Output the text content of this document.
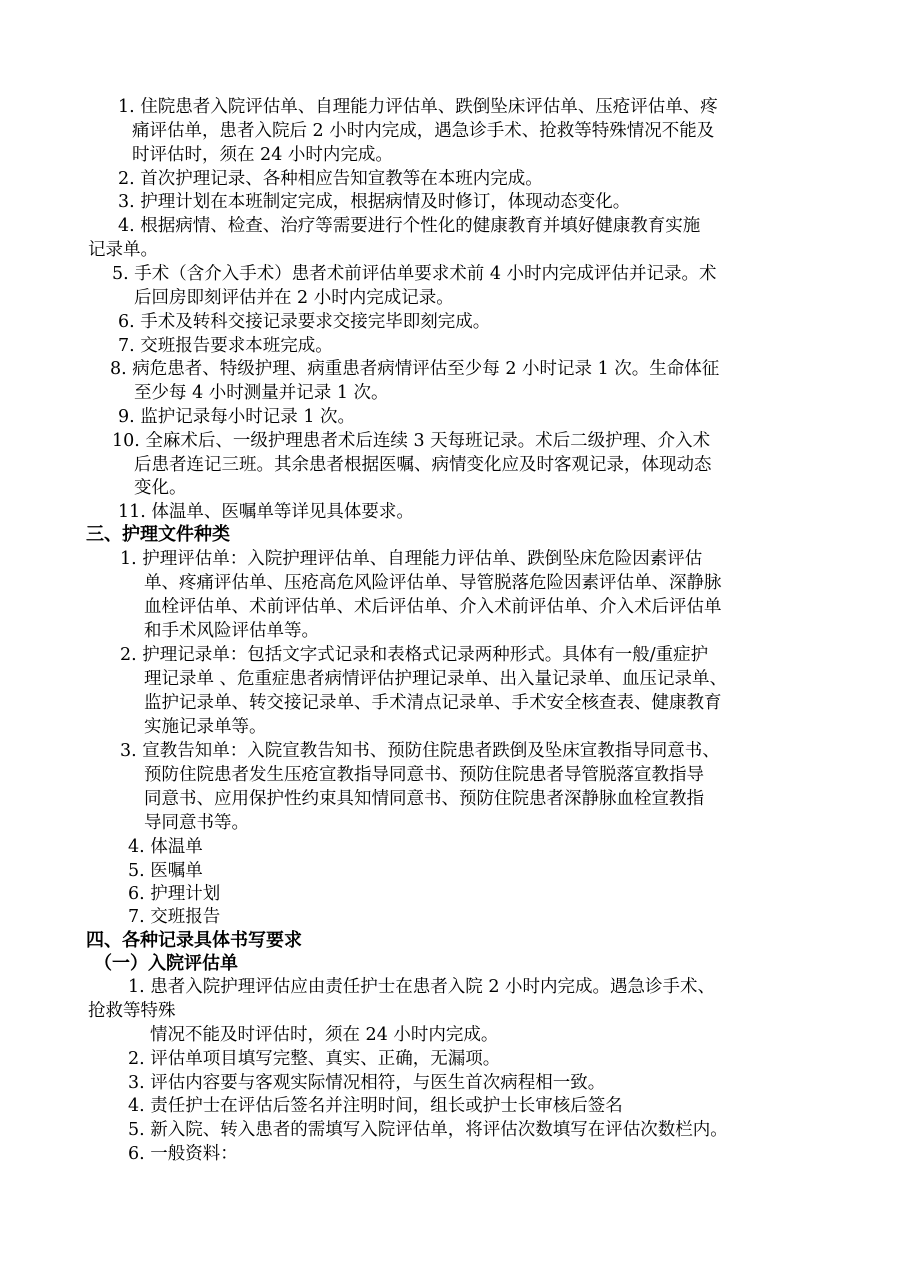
1. 住院患者入院评估单、自理能力评估单、跌倒坠床评估单、压疮评估单、疼
痛评估单，患者入院后 2 小时内完成，遇急诊手术、抢救等特殊情况不能及
时评估时，须在 24 小时内完成。
2. 首次护理记录、各种相应告知宣教等在本班内完成。
3. 护理计划在本班制定完成，根据病情及时修订，体现动态变化。
4. 根据病情、检查、治疗等需要进行个性化的健康教育并填好健康教育实施
记录单。
5. 手术（含介入手术）患者术前评估单要求术前 4 小时内完成评估并记录。术
后回房即刻评估并在 2 小时内完成记录。
6. 手术及转科交接记录要求交接完毕即刻完成。
7. 交班报告要求本班完成。
8. 病危患者、特级护理、病重患者病情评估至少每 2 小时记录 1 次。生命体征
至少每 4 小时测量并记录 1 次。
9. 监护记录每小时记录 1 次。
10. 全麻术后、一级护理患者术后连续 3 天每班记录。术后二级护理、介入术
后患者连记三班。其余患者根据医嘱、病情变化应及时客观记录，体现动态
变化。
11. 体温单、医嘱单等详见具体要求。
三、护理文件种类
1. 护理评估单：入院护理评估单、自理能力评估单、跌倒坠床危险因素评估
单、疼痛评估单、压疮高危风险评估单、导管脱落危险因素评估单、深静脉
血栓评估单、术前评估单、术后评估单、介入术前评估单、介入术后评估单
和手术风险评估单等。
2. 护理记录单：包括文字式记录和表格式记录两种形式。具体有一般/重症护
理记录单 、危重症患者病情评估护理记录单、出入量记录单、血压记录单、
监护记录单、转交接记录单、手术清点记录单、手术安全核查表、健康教育
实施记录单等。
3. 宣教告知单：入院宣教告知书、预防住院患者跌倒及坠床宣教指导同意书、
预防住院患者发生压疮宣教指导同意书、预防住院患者导管脱落宣教指导
同意书、应用保护性约束具知情同意书、预防住院患者深静脉血栓宣教指
导同意书等。
4. 体温单
5. 医嘱单
6. 护理计划
7. 交班报告
四、各种记录具体书写要求
（一）入院评估单
1. 患者入院护理评估应由责任护士在患者入院 2 小时内完成。遇急诊手术、
抢救等特殊
情况不能及时评估时，须在 24 小时内完成。
2. 评估单项目填写完整、真实、正确，无漏项。
3. 评估内容要与客观实际情况相符，与医生首次病程相一致。
4. 责任护士在评估后签名并注明时间，组长或护士长审核后签名
5. 新入院、转入患者的需填写入院评估单，将评估次数填写在评估次数栏内。
6. 一般资料：
